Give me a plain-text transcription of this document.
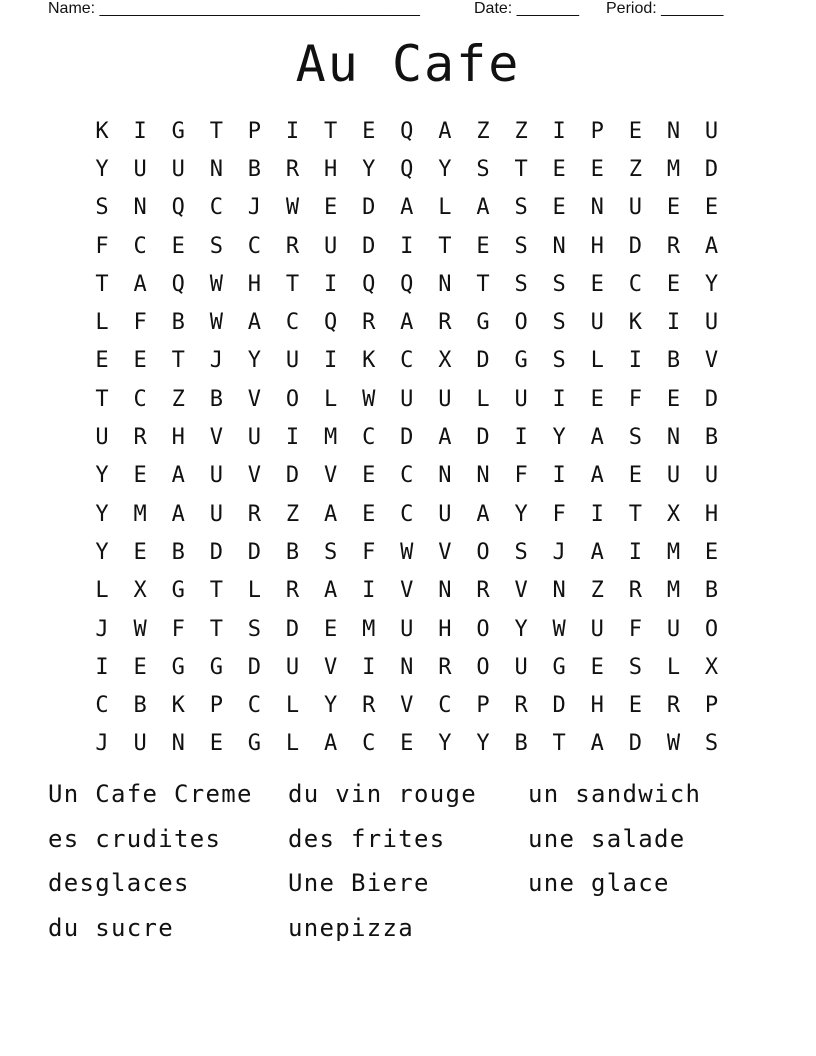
Name: ____________________________________

	Date: _______

Period: _______

Au Cafe
K	I	G	T	P	I	T	E	Q	A	Z	Z	I	P	E	N	U
Y	U	U	N	B	R	H	Y	Q	Y	S	T	E	E	Z	M	D
S	N	Q	C	J	W	E	D	A	L	A	S	E	N	U	E	E
F	C	E	S	C	R	U	D	I	T	E	S	N	H	D	R	A
T	A	Q	W	H	T	I	Q	Q	N	T	S	S	E	C	E	Y
L	F	B	W	A	C	Q	R	A	R	G	O	S	U	K	I	U
E	E	T	J	Y	U	I	K	C	X	D	G	S	L	I	B	V
T	C	Z	B	V	O	L	W	U	U	L	U	I	E	F	E	D
U	R	H	V	U	I	M	C	D	A	D	I	Y	A	S	N	B
Y	E	A	U	V	D	V	E	C	N	N	F	I	A	E	U	U
Y	M	A	U	R	Z	A	E	C	U	A	Y	F	I	T	X	H
Y	E	B	D	D	B	S	F	W	V	O	S	J	A	I	M	E
L	X	G	T	L	R	A	I	V	N	R	V	N	Z	R	M	B
J	W	F	T	S	D	E	M	U	H	O	Y	W	U	F	U	O
I	E	G	G	D	U	V	I	N	R	O	U	G	E	S	L	X
C	B	K	P	C	L	Y	R	V	C	P	R	D	H	E	R	P
J	U	N	E	G	L	A	C	E	Y	Y	B	T	A	D	W	S
Un Cafe Creme	du vin rouge	un sandwich
es crudites	des frites	une salade
desglaces	Une Biere	une glace
du sucre	unepizza
